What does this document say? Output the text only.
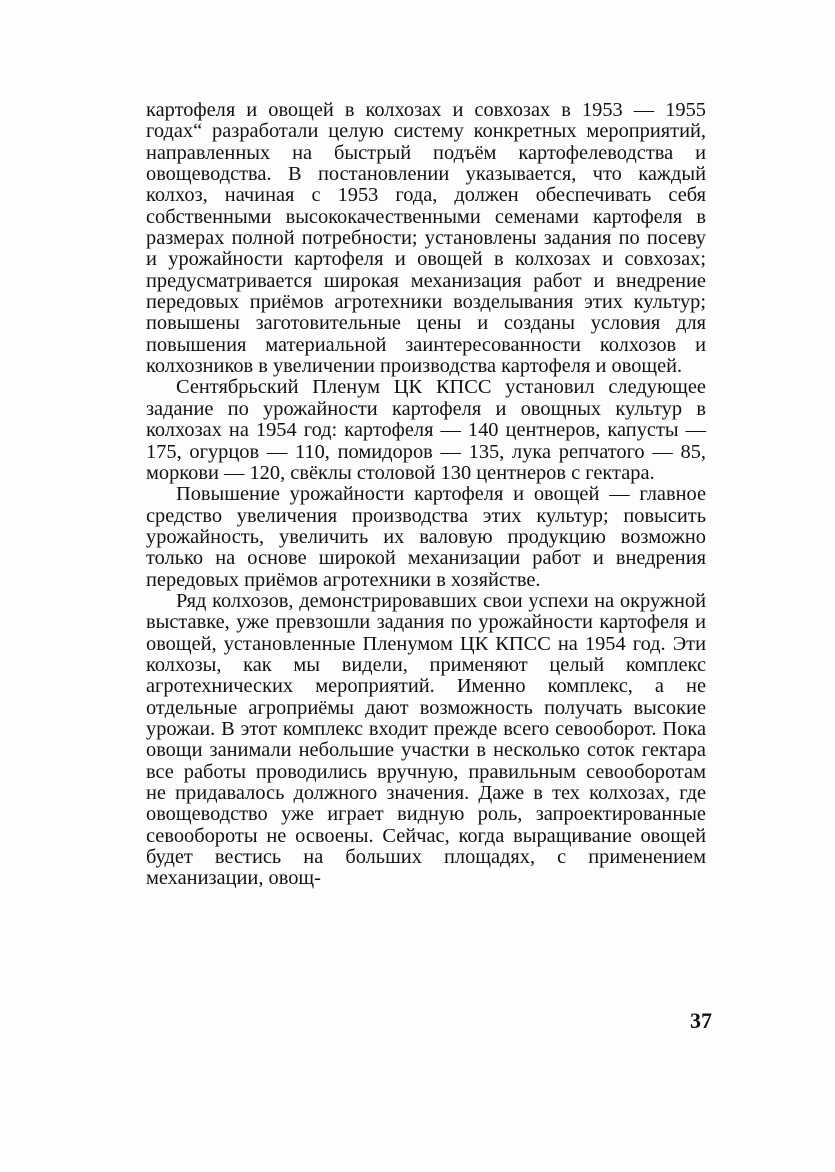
картофеля и овощей в колхозах и совхозах в 1953 — 1955 годах“ разработали целую систему конкретных мероприятий, направленных на быстрый подъём картофелеводства и овощеводства. В постановлении указывается, что каждый колхоз, начиная с 1953 года, должен обеспечивать себя собственными высококачественными семенами картофеля в размерах полной потребности; установлены задания по посеву и урожайности картофеля и овощей в колхозах и совхозах; предусматривается широкая механизация работ и внедрение передовых приёмов агротехники возделывания этих культур; повышены заготовительные цены и созданы условия для повышения материальной заинтересованности колхозов и колхозников в увеличении производства картофеля и овощей.

Сентябрьский Пленум ЦК КПСС установил следующее задание по урожайности картофеля и овощных культур в колхозах на 1954 год: картофеля — 140 центнеров, капусты — 175, огурцов — 110, помидоров — 135, лука репчатого — 85, моркови — 120, свёклы столовой 130 центнеров с гектара.

Повышение урожайности картофеля и овощей — главное средство увеличения производства этих культур; повысить урожайность, увеличить их валовую продукцию возможно только на основе широкой механизации работ и внедрения передовых приёмов агротехники в хозяйстве.

Ряд колхозов, демонстрировавших свои успехи на окружной выставке, уже превзошли задания по урожайности картофеля и овощей, установленные Пленумом ЦК КПСС на 1954 год. Эти колхозы, как мы видели, применяют целый комплекс агротехнических мероприятий. Именно комплекс, а не отдельные агроприёмы дают возможность получать высокие урожаи. В этот комплекс входит прежде всего севооборот. Пока овощи занимали небольшие участки в несколько соток гектара все работы проводились вручную, правильным севооборотам не придавалось должного значения. Даже в тех колхозах, где овощеводство уже играет видную роль, запроектированные севообороты не освоены. Сейчас, когда выращивание овощей будет вестись на больших площадях, с применением механизации, овощ-

37
